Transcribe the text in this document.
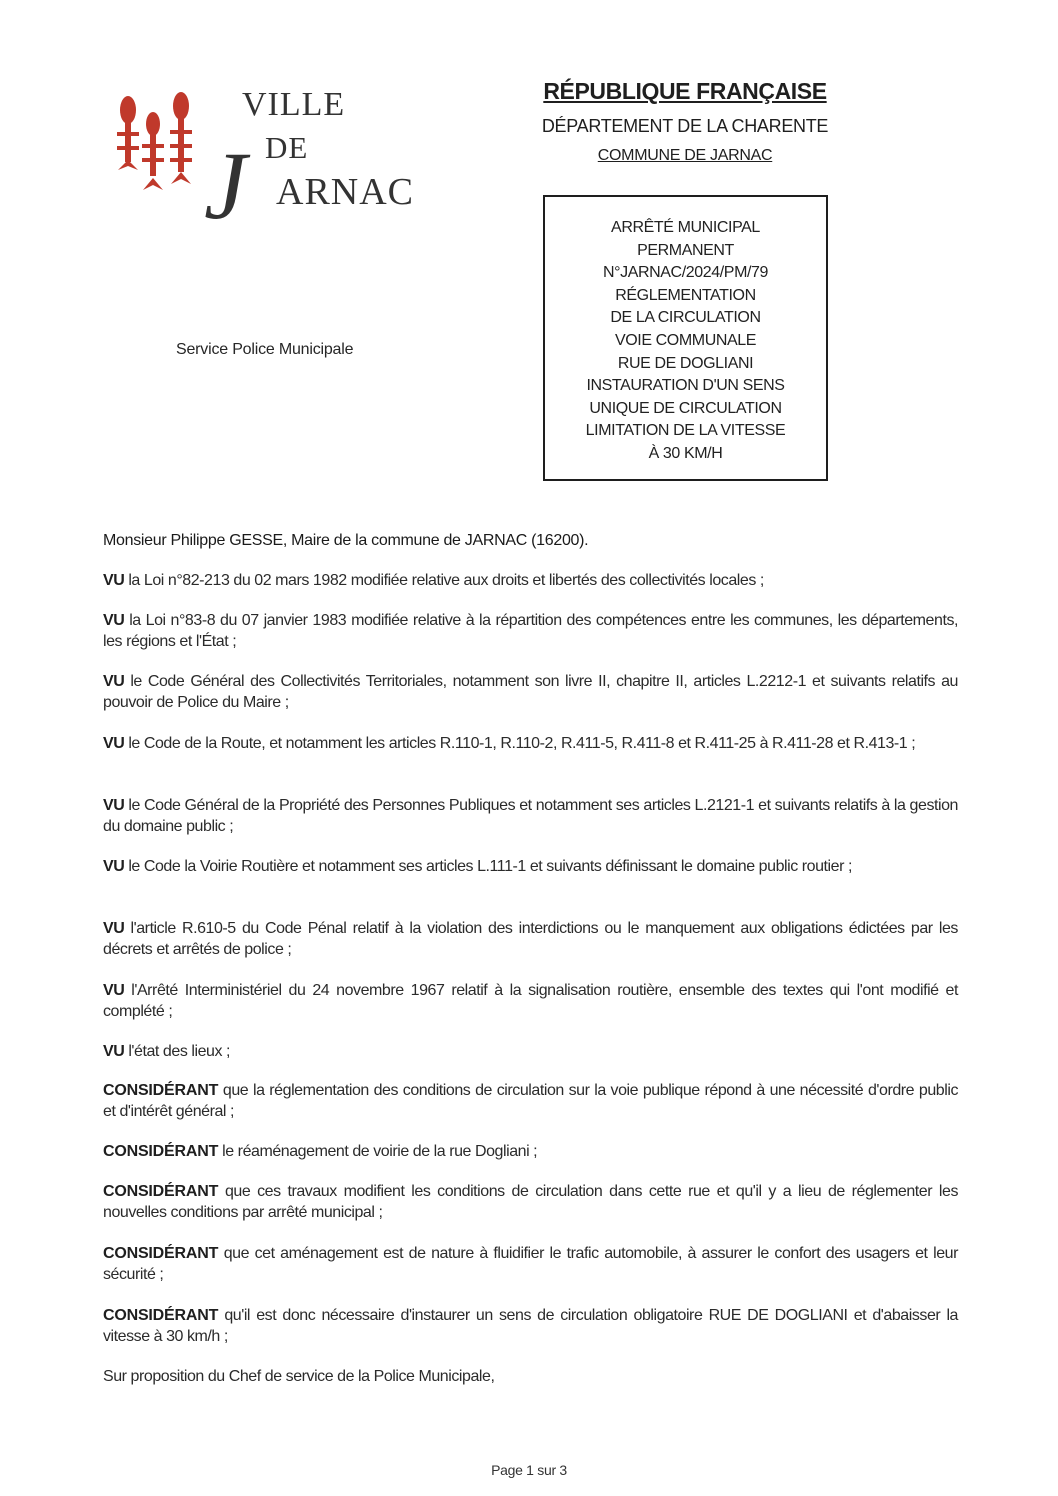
VILLE
DE
J ARNAC
RÉPUBLIQUE FRANÇAISE
DÉPARTEMENT DE LA CHARENTE
COMMUNE DE JARNAC
Service Police Municipale
ARRÊTÉ MUNICIPAL
PERMANENT
N°JARNAC/2024/PM/79
RÉGLEMENTATION
DE LA CIRCULATION
VOIE COMMUNALE
RUE DE DOGLIANI
INSTAURATION D'UN SENS
UNIQUE DE CIRCULATION
LIMITATION DE LA VITESSE
À 30 KM/H

Monsieur Philippe GESSE, Maire de la commune de JARNAC (16200).

VU la Loi n°82-213 du 02 mars 1982 modifiée relative aux droits et libertés des collectivités locales ;

VU la Loi n°83-8 du 07 janvier 1983 modifiée relative à la répartition des compétences entre les communes, les départements, les régions et l'État ;

VU le Code Général des Collectivités Territoriales, notamment son livre II, chapitre II, articles L.2212-1 et suivants relatifs au pouvoir de Police du Maire ;

VU le Code de la Route, et notamment les articles R.110-1, R.110-2, R.411-5, R.411-8 et R.411-25 à R.411-28 et R.413-1 ;

VU le Code Général de la Propriété des Personnes Publiques et notamment ses articles L.2121-1 et suivants relatifs à la gestion du domaine public ;

VU le Code la Voirie Routière et notamment ses articles L.111-1 et suivants définissant le domaine public routier ;

VU l'article R.610-5 du Code Pénal relatif à la violation des interdictions ou le manquement aux obligations édictées par les décrets et arrêtés de police ;

VU l'Arrêté Interministériel du 24 novembre 1967 relatif à la signalisation routière, ensemble des textes qui l'ont modifié et complété ;

VU l'état des lieux ;

CONSIDÉRANT que la réglementation des conditions de circulation sur la voie publique répond à une nécessité d'ordre public et d'intérêt général ;

CONSIDÉRANT le réaménagement de voirie de la rue Dogliani ;

CONSIDÉRANT que ces travaux modifient les conditions de circulation dans cette rue et qu'il y a lieu de réglementer les nouvelles conditions par arrêté municipal ;

CONSIDÉRANT que cet aménagement est de nature à fluidifier le trafic automobile, à assurer le confort des usagers et leur sécurité ;

CONSIDÉRANT qu'il est donc nécessaire d'instaurer un sens de circulation obligatoire RUE DE DOGLIANI et d'abaisser la vitesse à 30 km/h ;

Sur proposition du Chef de service de la Police Municipale,

Page 1 sur 3
